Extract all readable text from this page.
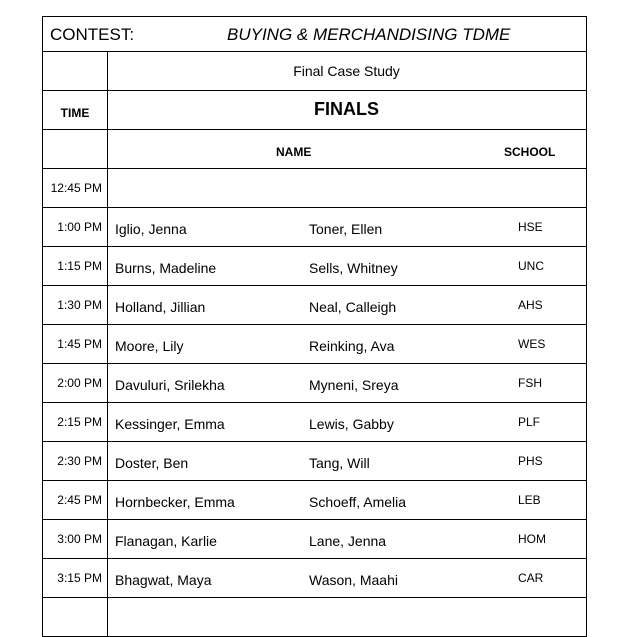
CONTEST:	BUYING & MERCHANDISING TDME
Final Case Study
TIME	FINALS
NAME	SCHOOL
12:45 PM
1:00 PM Iglio, Jenna	Toner, Ellen	HSE
1:15 PM Burns, Madeline	Sells, Whitney	UNC
1:30 PM Holland, Jillian	Neal, Calleigh	AHS
1:45 PM Moore, Lily	Reinking, Ava	WES
2:00 PM Davuluri, Srilekha	Myneni, Sreya	FSH
2:15 PM Kessinger, Emma	Lewis, Gabby	PLF
2:30 PM Doster, Ben	Tang, Will	PHS
2:45 PM Hornbecker, Emma	Schoeff, Amelia	LEB
3:00 PM Flanagan, Karlie	Lane, Jenna	HOM
3:15 PM Bhagwat, Maya	Wason, Maahi	CAR
